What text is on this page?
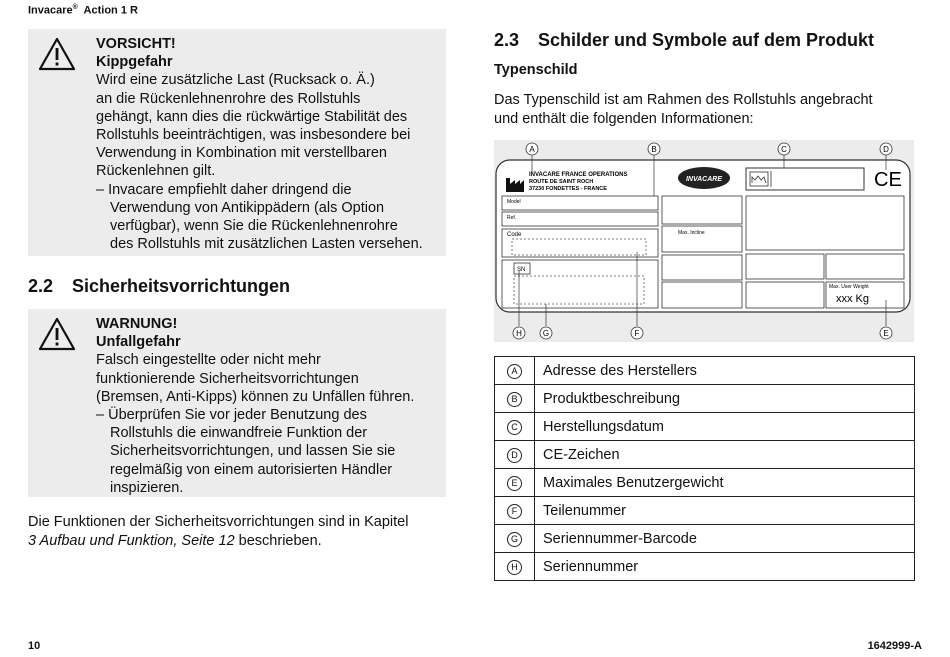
Invacare® Action 1 R
VORSICHT!
Kippgefahr
Wird eine zusätzliche Last (Rucksack o. Ä.)
an die Rückenlehnenrohre des Rollstuhls
gehängt, kann dies die rückwärtige Stabilität des
Rollstuhls beeinträchtigen, was insbesondere bei
Verwendung in Kombination mit verstellbaren
Rückenlehnen gilt.
– Invacare empfiehlt daher dringend die
Verwendung von Antikippädern (als Option
verfügbar), wenn Sie die Rückenlehnenrohre
des Rollstuhls mit zusätzlichen Lasten versehen.
2.2 Sicherheitsvorrichtungen
WARNUNG!
Unfallgefahr
Falsch eingestellte oder nicht mehr
funktionierende Sicherheitsvorrichtungen
(Bremsen, Anti-Kipps) können zu Unfällen führen.
– Überprüfen Sie vor jeder Benutzung des
Rollstuhls die einwandfreie Funktion der
Sicherheitsvorrichtungen, und lassen Sie sie
regelmäßig von einem autorisierten Händler
inspizieren.
Die Funktionen der Sicherheitsvorrichtungen sind in Kapitel
3 Aufbau und Funktion, Seite 12 beschrieben.
2.3 Schilder und Symbole auf dem Produkt
Typenschild
Das Typenschild ist am Rahmen des Rollstuhls angebracht
und enthält die folgenden Informationen:
INVACARE FRANCE OPERATIONS
ROUTE DE SAINT ROCH
37230 FONDETTES - FRANCE
INVACARE	CE
Model
Ref.
Code
SN
Max. Incline
Max. User Weight
xxx Kg
A	B	C	D
H	G	F	E
A	Adresse des Herstellers
B	Produktbeschreibung
C	Herstellungsdatum
D	CE-Zeichen
E	Maximales Benutzergewicht
F	Teilenummer
G	Seriennummer-Barcode
H	Seriennummer
10	1642999-A
